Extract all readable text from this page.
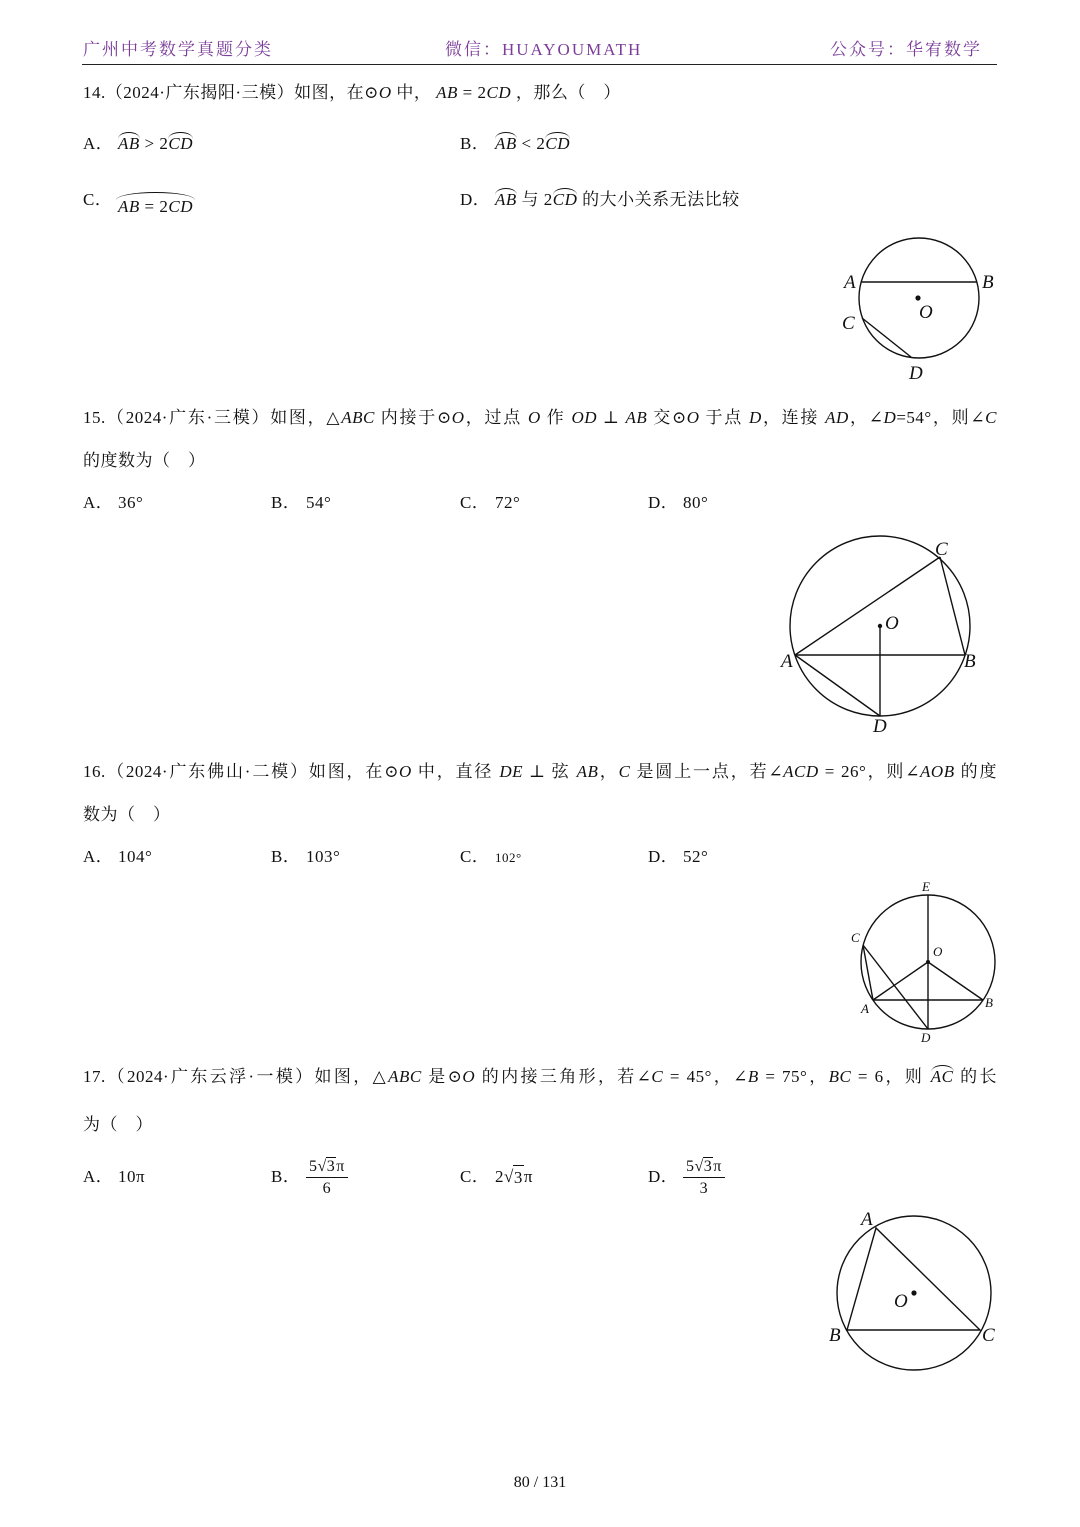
广州中考数学真题分类	微信：HUAYOUMATH	公众号：华宥数学
14.（2024·广东揭阳·三模）如图，在⊙O 中， AB = 2CD ，那么（　）
A． AB > 2
CD	B． AB < 2
CD
C． AB = 2CD	D． AB 与 2
CD 的大小关系无法比较
A	B
O
C
D
15.（2024·广东·三模）如图，△ABC 内接于⊙O，过点 O 作 OD ⊥ AB 交⊙O 于点 D，连接 AD，∠D=54°，则∠C
的度数为（　）
A． 36°	B． 54°	C． 72°	D． 80°
A	B
C
O
D
16.（2024·广东佛山·二模）如图，在⊙O 中，直径 DE ⊥ 弦 AB，C 是圆上一点，若∠ACD = 26°，则∠AOB 的度
数为（　）
A． 104°	B． 103°	C． 102°	D． 52°
E
D
O
C
A	B
17.（2024·广东云浮·一模）如图，△ABC 是⊙O 的内接三角形，若∠C = 45°，∠B = 75°，BC = 6，则
AC 的长
为（　）
A． 10π	B． $\frac{5√3\pi}{6}$	C． 2 √ 3 π	D． $\frac{5√3\pi}{3}$
A
B	C
O
80 / 131
